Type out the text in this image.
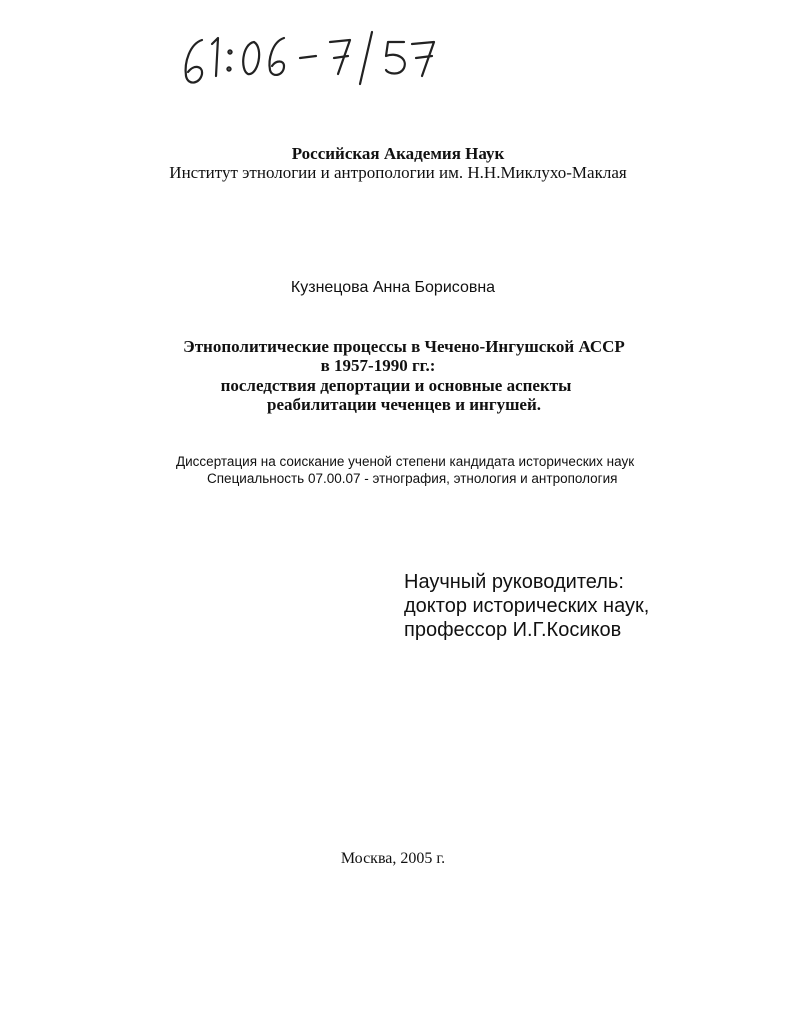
Российская Академия Наук
Институт этнологии и антропологии им. Н.Н.Миклухо-Маклая
Кузнецова Анна Борисовна
Этнополитические процессы в Чечено-Ингушской АССР
в 1957-1990 гг.:
последствия депортации и основные аспекты
реабилитации чеченцев и ингушей.
Диссертация на соискание ученой степени кандидата исторических наук
Специальность 07.00.07 - этнография, этнология и антропология
Научный руководитель:
доктор исторических наук,
профессор И.Г.Косиков
Москва, 2005 г.
